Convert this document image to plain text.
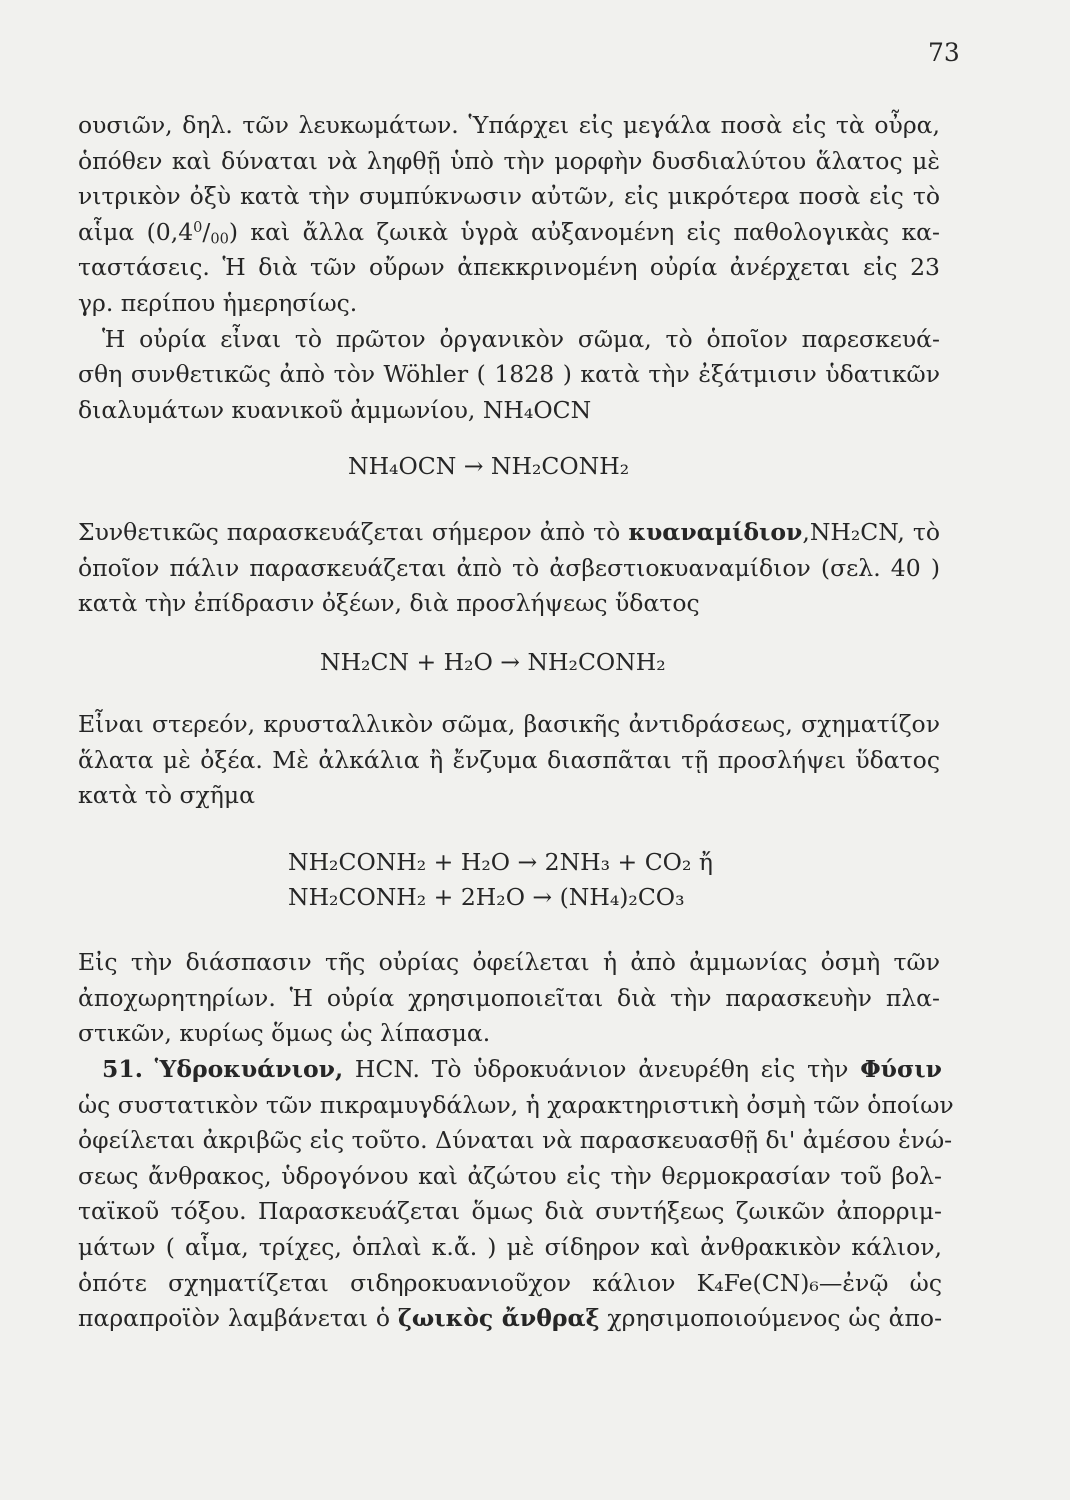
73
ουσιῶν, δηλ. τῶν λευκωμάτων. Ὑπάρχει εἰς μεγάλα ποσὰ εἰς τὰ οὖρα,
ὁπόθεν καὶ δύναται νὰ ληφθῇ ὑπὸ τὴν μορφὴν δυσδιαλύτου ἅλατος μὲ
νιτρικὸν ὀξὺ κατὰ τὴν συμπύκνωσιν αὐτῶν, εἰς μικρότερα ποσὰ εἰς τὸ
αἷμα $(0,4^0/_{00})$ καὶ ἄλλα ζωικὰ ὑγρὰ αὐξανομένη εἰς παθολογικὰς κα-
ταστάσεις. Ἡ διὰ τῶν οὔρων ἀπεκκρινομένη οὐρία ἀνέρχεται εἰς 23
γρ. περίπου ἡμερησίως.
Ἡ οὐρία εἶναι τὸ πρῶτον ὀργανικὸν σῶμα, τὸ ὁποῖον παρεσκευά-
σθη συνθετικῶς ἀπὸ τὸν Wöhler ( 1828 ) κατὰ τὴν ἐξάτμισιν ὑδατικῶν
διαλυμάτων κυανικοῦ ἀμμωνίου, NH₄OCN
NH₄OCN → NH₂CONH₂
Συνθετικῶς παρασκευάζεται σήμερον ἀπὸ τὸ κυαναμίδιον,NH₂CN, τὸ
ὁποῖον πάλιν παρασκευάζεται ἀπὸ τὸ ἀσβεστιοκυαναμίδιον (σελ. 40 )
κατὰ τὴν ἐπίδρασιν ὀξέων, διὰ προσλήψεως ὕδατος
NH₂CN + H₂O → NH₂CONH₂
Εἶναι στερεόν, κρυσταλλικὸν σῶμα, βασικῆς ἀντιδράσεως, σχηματίζον
ἅλατα μὲ ὀξέα. Μὲ ἀλκάλια ἢ ἔνζυμα διασπᾶται τῇ προσλήψει ὕδατος
κατὰ τὸ σχῆμα
NH₂CONH₂ + H₂O → 2NH₃ + CO₂ ἤ
NH₂CONH₂ + 2H₂O → (NH₄)₂CO₃
Εἰς τὴν διάσπασιν τῆς οὐρίας ὀφείλεται ἡ ἀπὸ ἀμμωνίας ὀσμὴ τῶν
ἀποχωρητηρίων. Ἡ οὐρία χρησιμοποιεῖται διὰ τὴν παρασκευὴν πλα-
στικῶν, κυρίως ὅμως ὡς λίπασμα.
51. Ὑδροκυάνιον, HCN. Τὸ ὑδροκυάνιον ἀνευρέθη εἰς τὴν Φύσιν
ὡς συστατικὸν τῶν πικραμυγδάλων, ἡ χαρακτηριστικὴ ὀσμὴ τῶν ὁποίων
ὀφείλεται ἀκριβῶς εἰς τοῦτο. Δύναται νὰ παρασκευασθῇ δι' ἀμέσου ἑνώ-
σεως ἄνθρακος, ὑδρογόνου καὶ ἀζώτου εἰς τὴν θερμοκρασίαν τοῦ βολ-
ταϊκοῦ τόξου. Παρασκευάζεται ὅμως διὰ συντήξεως ζωικῶν ἀπορριμ-
μάτων ( αἷμα, τρίχες, ὁπλαὶ κ.ἄ. ) μὲ σίδηρον καὶ ἀνθρακικὸν κάλιον,
ὁπότε σχηματίζεται σιδηροκυανιοῦχον κάλιον K₄Fe(CN)₆—ἐνῷ ὡς
παραπροϊὸν λαμβάνεται ὁ ζωικὸς ἄνθραξ χρησιμοποιούμενος ὡς ἀπο-
